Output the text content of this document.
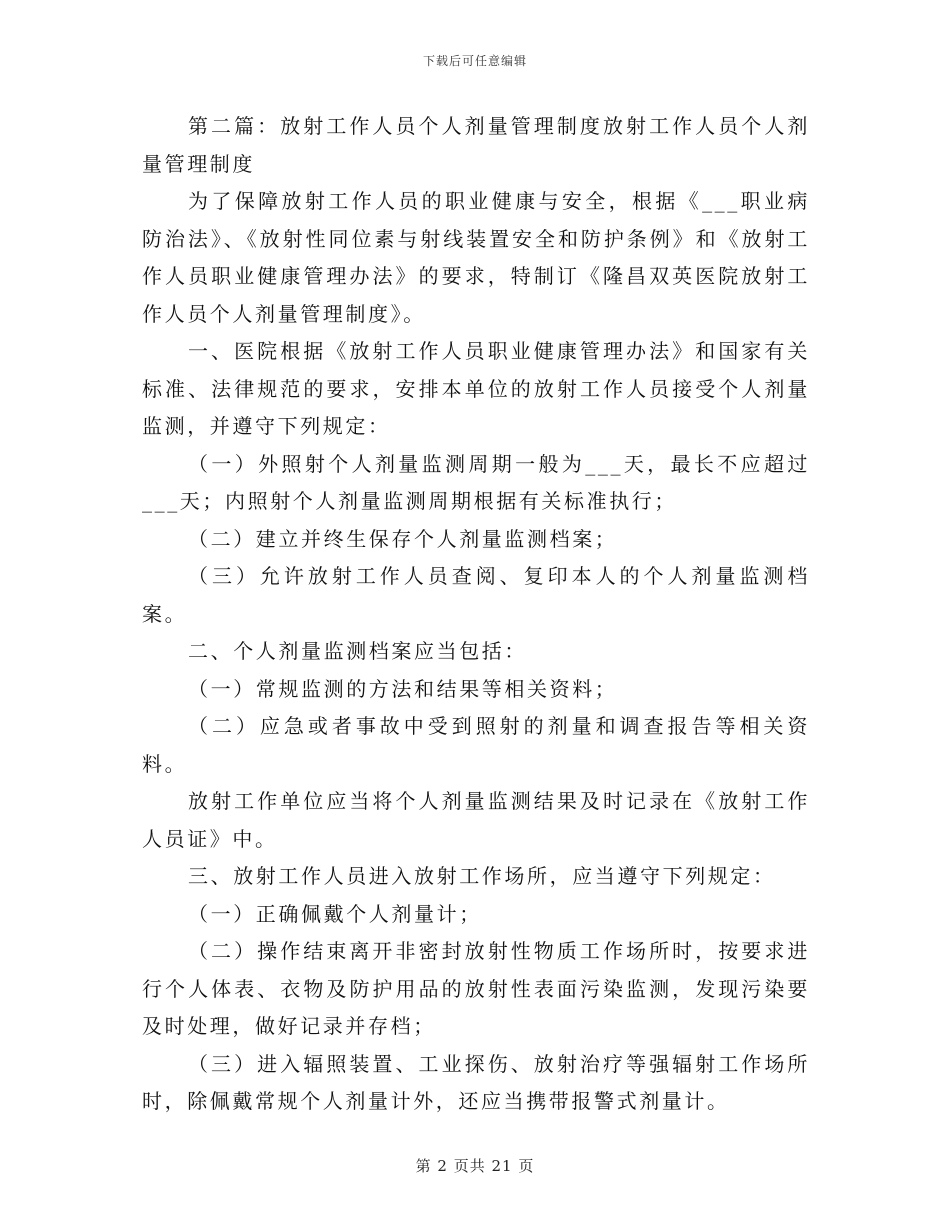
下载后可任意编辑

第二篇：放射工作人员个人剂量管理制度放射工作人员个人剂量管理制度

为了保障放射工作人员的职业健康与安全，根据《___职业病防治法》、《放射性同位素与射线装置安全和防护条例》和《放射工作人员职业健康管理办法》的要求，特制订《隆昌双英医院放射工作人员个人剂量管理制度》。

一、医院根据《放射工作人员职业健康管理办法》和国家有关标准、法律规范的要求，安排本单位的放射工作人员接受个人剂量监测，并遵守下列规定：

（一）外照射个人剂量监测周期一般为___天，最长不应超过___天；内照射个人剂量监测周期根据有关标准执行；

（二）建立并终生保存个人剂量监测档案；

（三）允许放射工作人员查阅、复印本人的个人剂量监测档案。

二、个人剂量监测档案应当包括：

（一）常规监测的方法和结果等相关资料；

（二）应急或者事故中受到照射的剂量和调查报告等相关资料。

放射工作单位应当将个人剂量监测结果及时记录在《放射工作人员证》中。

三、放射工作人员进入放射工作场所，应当遵守下列规定：

（一）正确佩戴个人剂量计；

（二）操作结束离开非密封放射性物质工作场所时，按要求进行个人体表、衣物及防护用品的放射性表面污染监测，发现污染要及时处理，做好记录并存档；

（三）进入辐照装置、工业探伤、放射治疗等强辐射工作场所时，除佩戴常规个人剂量计外，还应当携带报警式剂量计。

第 2 页共 21 页
